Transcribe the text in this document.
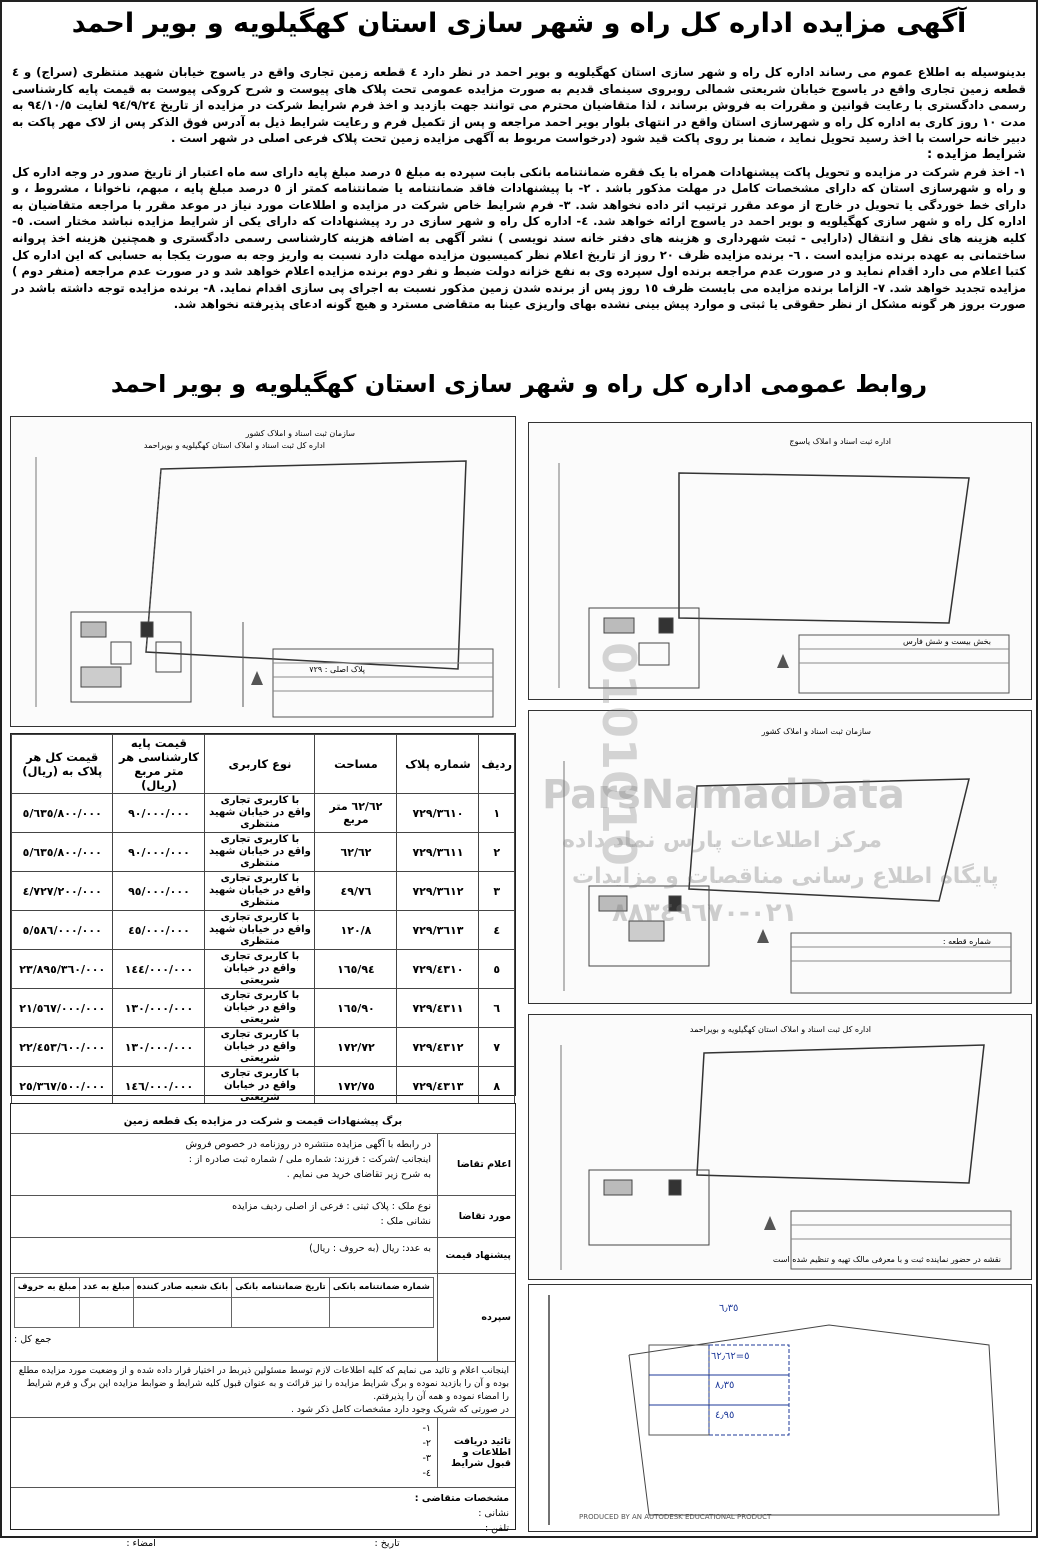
آگهی مزایده اداره کل راه و شهر سازی استان کهگیلویه و بویر احمد

بدینوسیله به اطلاع عموم می رساند اداره کل راه و شهر سازی استان کهگیلویه و بویر احمد در نظر دارد ٤ قطعه زمین تجاری واقع در یاسوج خیابان شهید منتظری (سراج) و ٤ قطعه زمین تجاری واقع در یاسوج خیابان شریعتی شمالی روبروی سینمای قدیم به صورت مزایده عمومی تحت پلاک های پیوست و شرح کروکی پیوست به قیمت پایه کارشناسی رسمی دادگستری با رعایت قوانین و مقررات به فروش برساند ، لذا متقاضیان محترم می توانند جهت بازدید و اخذ فرم شرایط شرکت در مزایده از تاریخ ٩٤/٩/٢٤ لغایت ٩٤/١٠/٥ به مدت ١٠ روز کاری به اداره کل راه و شهرسازی استان واقع در انتهای بلوار بویر احمد مراجعه و پس از تکمیل فرم و رعایت شرایط ذیل به آدرس فوق الذکر پس از لاک مهر پاکت به دبیر خانه حراست با اخذ رسید تحویل نماید ، ضمنا بر روی پاکت قید شود (درخواست مربوط به آگهی مزایده زمین تحت پلاک فرعی اصلی در شهر است .

شرایط مزایده :

١- اخذ فرم شرکت در مزایده و تحویل پاکت پیشنهادات همراه با یک فقره ضمانتنامه بانکی بابت سپرده به مبلغ ٥ درصد مبلغ پایه دارای سه ماه اعتبار از تاریخ صدور در وجه اداره کل و راه و شهرسازی استان که دارای مشخصات کامل در مهلت مذکور باشد . ٢- با پیشنهادات فاقد ضمانتنامه یا ضمانتنامه کمتر از ٥ درصد مبلغ پایه ، مبهم، ناخوانا ، مشروط ، و دارای خط خوردگی یا تحویل در خارج از موعد مقرر ترتیب اثر داده نخواهد شد. ٣- فرم شرایط خاص شرکت در مزایده و اطلاعات مورد نیاز در موعد مقرر با مراجعه متقاضیان به اداره کل راه و شهر سازی کهگیلویه و بویر احمد در یاسوج ارائه خواهد شد. ٤- اداره کل راه و شهر سازی در رد پیشنهادات که دارای یکی از شرایط مزایده نباشد مختار است. ٥- کلیه هزینه های نقل و انتقال (دارایی - ثبت شهرداری و هزینه های دفتر خانه سند نویسی ) نشر آگهی به اضافه هزینه کارشناسی رسمی دادگستری و همچنین هزینه اخذ پروانه ساختمانی به عهده برنده مزایده است . ٦- برنده مزایده ظرف ٢٠ روز از تاریخ اعلام نظر کمیسیون مزایده مهلت دارد نسبت به واریز وجه به صورت یکجا به حسابی که این اداره کل کتبا اعلام می دارد اقدام نماید و در صورت عدم مراجعه برنده اول سپرده وی به نفع خزانه دولت ضبط و نفر دوم برنده مزایده اعلام خواهد شد و در صورت عدم مراجعه (منفر دوم ) مزایده تجدید خواهد شد. ٧- الزاما برنده مزایده می بایست ظرف ١٥ روز پس از برنده شدن زمین مذکور نسبت به اجرای پی سازی اقدام نماید. ٨- برنده مزایده توجه داشته باشد در صورت بروز هر گونه مشکل از نظر حقوقی یا ثبتی و موارد پیش بینی نشده بهای واریزی عینا به متقاضی مسترد و هیچ گونه ادعای پذیرفته نخواهد شد.

روابط عمومی اداره کل راه و شهر سازی استان کهگیلویه و بویر احمد
سازمان ثبت اسناد و املاک کشور
اداره کل ثبت اسناد و املاک استان کهگیلویه و بویراحمد
پلاک اصلی : ٧٢٩
اداره ثبت اسناد و املاک یاسوج
بخش بیست و شش فارس
سازمان ثبت اسناد و املاک کشور
شماره قطعه :
اداره کل ثبت اسناد و املاک استان کهگیلویه و بویراحمد
نقشه در حضور نماینده ثبت و با معرفی مالک تهیه و تنظیم شده است
٦٫٣٥
٥=٦٢٫٦٢
٨٫٣٥
٤٫٩٥
PRODUCED BY AN AUTODESK EDUCATIONAL PRODUCT
ردیف	شماره پلاک	مساحت	نوع کاربری	قیمت پایه کارشناسی هر متر مربع (ریال)	قیمت کل هر پلاک به (ریال)
١	٧٢٩/٣٦١٠	٦٢/٦٢ متر مربع	با کاربری تجاری واقع در خیابان شهید منتظری	٩٠/٠٠٠/٠٠٠	٥/٦٣٥/٨٠٠/٠٠٠
٢	٧٢٩/٣٦١١	٦٢/٦٢	با کاربری تجاری واقع در خیابان شهید منتظری	٩٠/٠٠٠/٠٠٠	٥/٦٣٥/٨٠٠/٠٠٠
٣	٧٢٩/٣٦١٢	٤٩/٧٦	با کاربری تجاری واقع در خیابان شهید منتظری	٩٥/٠٠٠/٠٠٠	٤/٧٢٧/٢٠٠/٠٠٠
٤	٧٢٩/٣٦١٣	١٢٠/٨	با کاربری تجاری واقع در خیابان شهید منتظری	٤٥/٠٠٠/٠٠٠	٥/٥٨٦/٠٠٠/٠٠٠
٥	٧٢٩/٤٣١٠	١٦٥/٩٤	با کاربری تجاری واقع در خیابان شریعتی	١٤٤/٠٠٠/٠٠٠	٢٣/٨٩٥/٣٦٠/٠٠٠
٦	٧٢٩/٤٣١١	١٦٥/٩٠	با کاربری تجاری واقع در خیابان شریعتی	١٣٠/٠٠٠/٠٠٠	٢١/٥٦٧/٠٠٠/٠٠٠
٧	٧٢٩/٤٣١٢	١٧٢/٧٢	با کاربری تجاری واقع در خیابان شریعتی	١٣٠/٠٠٠/٠٠٠	٢٢/٤٥٣/٦٠٠/٠٠٠
٨	٧٢٩/٤٣١٣	١٧٢/٧٥	با کاربری تجاری واقع در خیابان شریعتی	١٤٦/٠٠٠/٠٠٠	٢٥/٣٦٧/٥٠٠/٠٠٠
برگ پیشنهادات قیمت و شرکت در مزایده یک قطعه زمین
اعلام تقاضا
در رابطه با آگهی مزایده منتشره در روزنامه در خصوص فروش
اینجانب /شرکت : فرزند: شماره ملی / شماره ثبت صادره از :
به شرح زیر تقاضای خرید می نمایم .
مورد تقاضا
نوع ملک : پلاک ثبتی : فرعی از اصلی ردیف مزایده
نشانی ملک :
پیشنهاد قیمت
به عدد: ریال (به حروف : ریال)
سپرده
شماره ضمانتنامه بانکی	تاریخ ضمانتنامه بانکی	بانک شعبه صادر کننده	مبلغ به عدد	مبلغ به حروف

جمع کل :
اینجانب اعلام و تائید می نمایم که کلیه اطلاعات لازم توسط مسئولین ذیربط در اختیار قرار داده شده و از وضعیت مورد مزایده مطلع بوده و آن را بازدید نموده و برگ شرایط مزایده را نیز قرائت و به عنوان قبول کلیه شرایط و ضوابط مزایده این برگ و فرم شرایط را امضاء نموده و همه آن را پذیرفتم.
در صورتی که شریک وجود دارد مشخصات کامل ذکر شود .
تائید دریافت اطلاعات و قبول شرایط
١-
٢-
٣-
٤-
مشخصات متقاضی :
نشانی :
تلفن :
تاریخ :
امضاء :
0101010
ParsNamadData
مرکز اطلاعات پارس نماد داده
پایگاه اطلاع رسانی مناقصات و مزایدات
٠٢١-٨٨٣٤٩٦٧٠
